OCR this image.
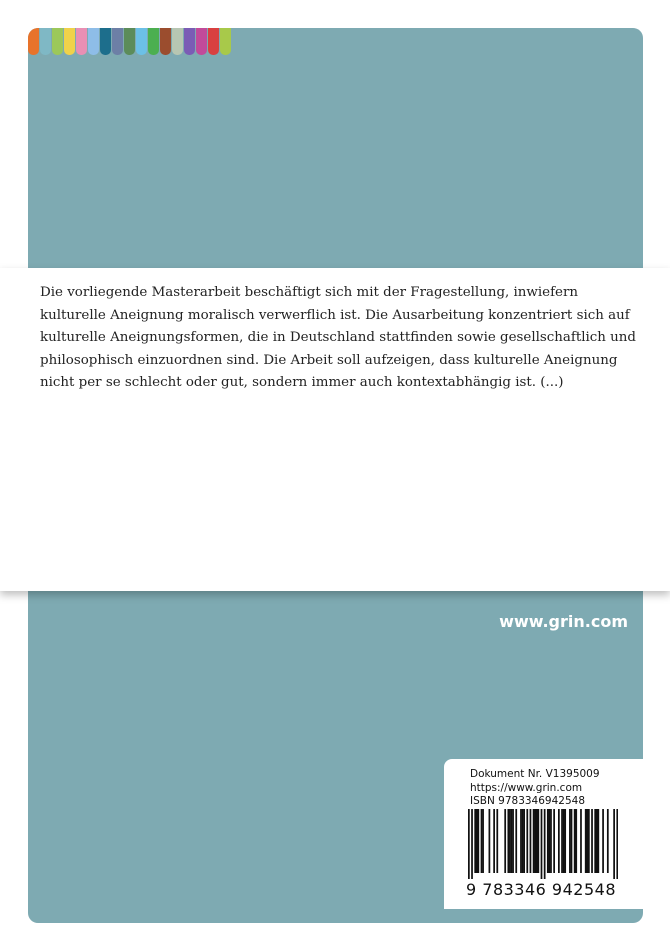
Die vorliegende Masterarbeit beschäftigt sich mit der Fragestellung, inwiefern kulturelle Aneignung moralisch verwerflich ist. Die Ausarbeitung konzentriert sich auf kulturelle Aneignungsformen, die in Deutschland stattfinden sowie gesellschaftlich und philosophisch einzuordnen sind. Die Arbeit soll aufzeigen, dass kulturelle Aneignung nicht per se schlecht oder gut, sondern immer auch kontextabhängig ist. (...)

www.grin.com
Dokument Nr. V1395009
https://www.grin.com
ISBN 9783346942548
9 783346 942548
